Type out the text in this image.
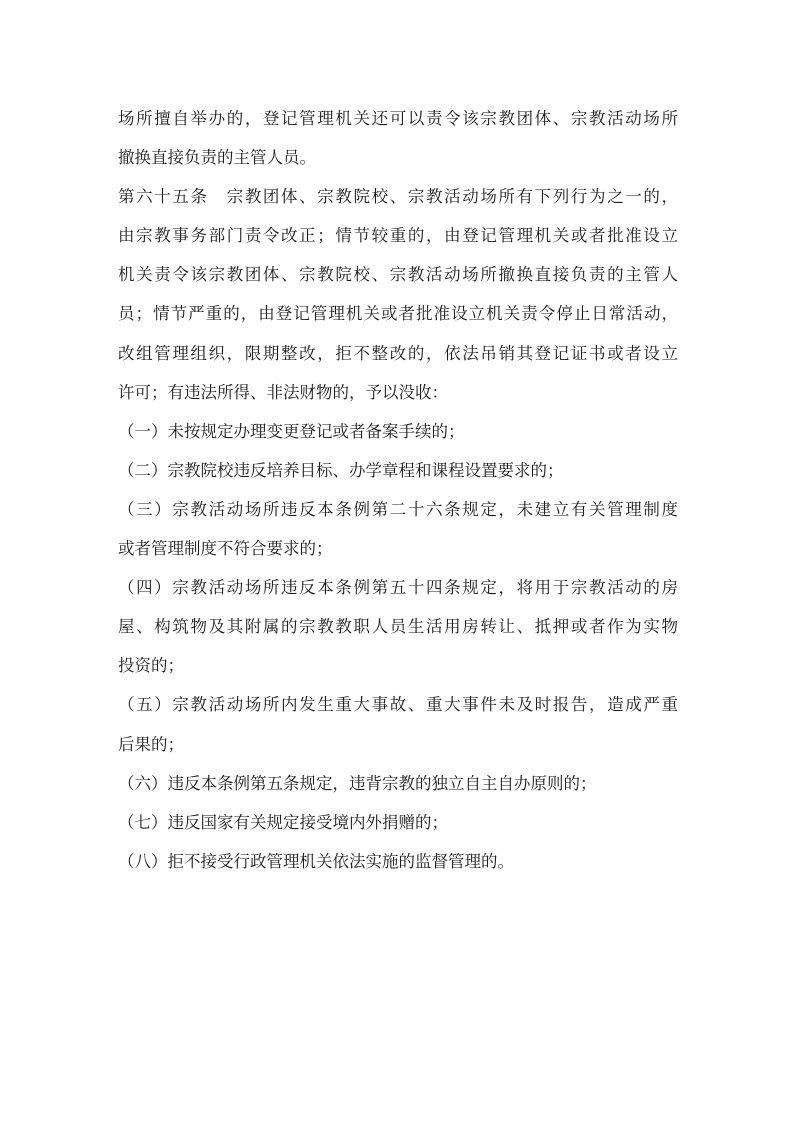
场所擅自举办的，登记管理机关还可以责令该宗教团体、宗教活动场所
撤换直接负责的主管人员。
第六十五条　宗教团体、宗教院校、宗教活动场所有下列行为之一的，
由宗教事务部门责令改正；情节较重的，由登记管理机关或者批准设立
机关责令该宗教团体、宗教院校、宗教活动场所撤换直接负责的主管人
员；情节严重的，由登记管理机关或者批准设立机关责令停止日常活动，
改组管理组织，限期整改，拒不整改的，依法吊销其登记证书或者设立
许可；有违法所得、非法财物的，予以没收：
（一）未按规定办理变更登记或者备案手续的；
（二）宗教院校违反培养目标、办学章程和课程设置要求的；
（三）宗教活动场所违反本条例第二十六条规定，未建立有关管理制度
或者管理制度不符合要求的；
（四）宗教活动场所违反本条例第五十四条规定，将用于宗教活动的房
屋、构筑物及其附属的宗教教职人员生活用房转让、抵押或者作为实物
投资的；
（五）宗教活动场所内发生重大事故、重大事件未及时报告，造成严重
后果的；
（六）违反本条例第五条规定，违背宗教的独立自主自办原则的；
（七）违反国家有关规定接受境内外捐赠的；
（八）拒不接受行政管理机关依法实施的监督管理的。
